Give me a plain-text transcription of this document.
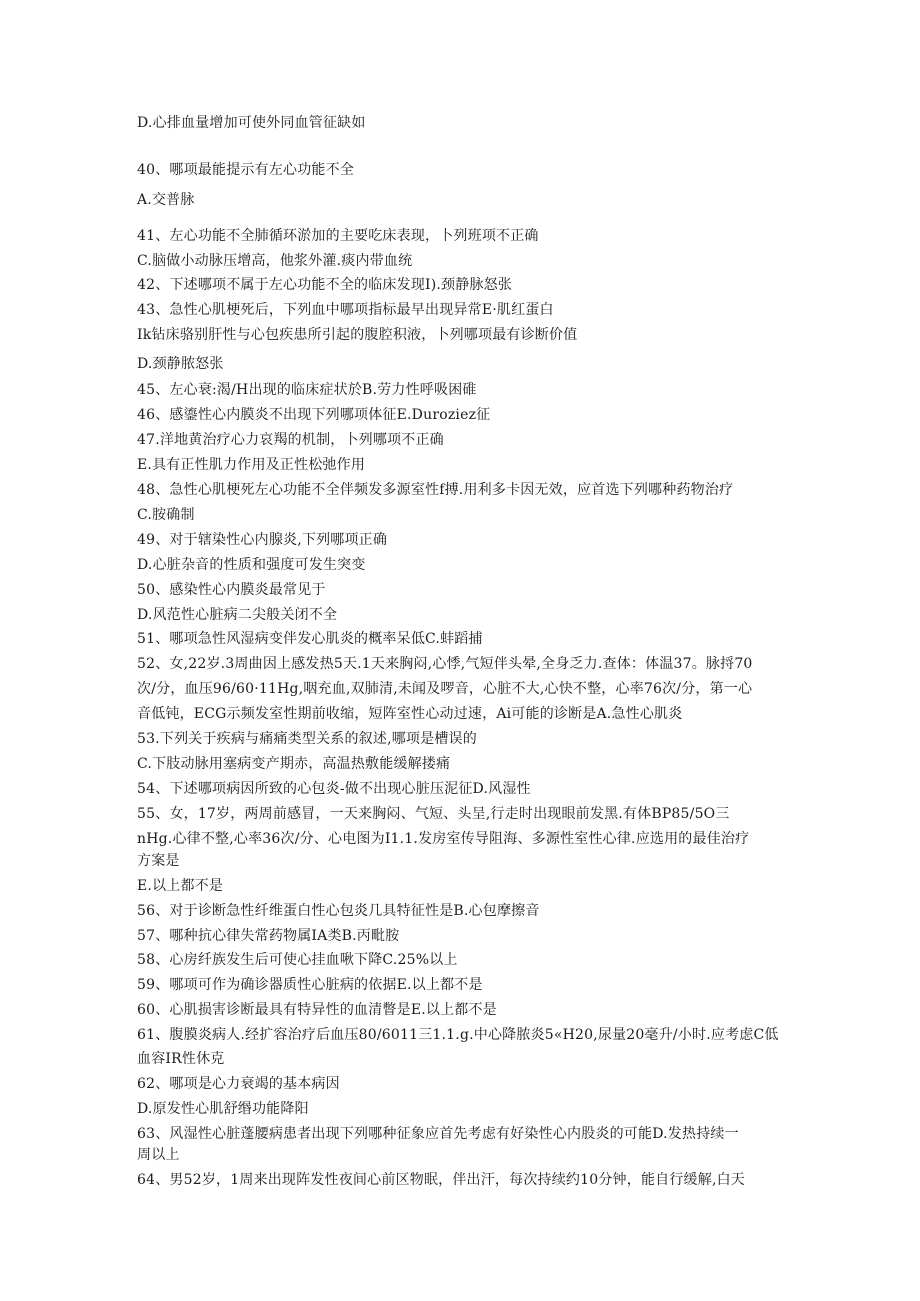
D.心排血量增加可使外同血管征缺如
40、哪项最能提示有左心功能不全
A.交普脉
41、左心功能不全肺循环淤加的主要吃床表现，卜列班项不正确
C.脑做小动脉压增高，他浆外灌.痰内带血统
42、下述哪项不属于左心功能不全的临床发现I).颈静脉怒张
43、急性心肌梗死后，下列血中哪项指标最早出现异常E·肌红蛋白
Ik钻床骆别肝性与心包疾患所引起的腹腔积液，卜列哪项最有诊断价值
D.颈静脓怒张
45、左心衰:渴/H出现的临床症状於B.劳力性呼吸困碓
46、感鎏性心内膜炎不出现下列哪项体征E.Duroziez征
47.洋地黄治疗心力哀羯的机制，卜列哪项不正确
E.具有正性肌力作用及正性松弛作用
48、急性心肌梗死左心功能不全伴频发多源室性f搏.用利多卡因无效，应首选下列哪种药物治疗
C.胺确制
49、对于辖染性心内腺炎,下列哪项正确
D.心脏杂音的性质和强度可发生突变
50、感染性心内膜炎最常见于
D.风范性心脏病二尖般关闭不全
51、哪项急性风湿病变伴发心肌炎的概率呆低C.蚌蹈捕
52、女,22岁.3周曲因上感发热5天.1天来胸闷,心悸,气短伴头晕,全身乏力.查体：体温37。脉捋70
次/分，血压96/60·11Hg,咽充血,双肺清,未闻及啰音，心脏不大,心快不整，心率76次/分，第一心
音低钝，ECG示频发室性期前收缩，短阵室性心动过速，Ai可能的诊断是A.急性心肌炎
53.下列关于疾病与痛痛类型关系的叙述,哪项是槽误的
C.下肢动脉用塞病变产期赤，高温热敷能缓解搂痛
54、下述哪项病因所致的心包炎-做不出现心脏压泥征D.风湿性
55、女，17岁，两周前感冒，一天来胸闷、气短、头呈,行走时出现眼前发黑.有体BP85/5O三
nHg.心律不整,心率36次/分、心电图为I1.1.发房室传导阻海、多源性室性心律.应选用的最佳治疗
方案是
E.以上都不是
56、对于诊断急性纤维蛋白性心包炎几具特征性是B.心包摩擦音
57、哪种抗心律失常药物属IA类B.丙毗胺
58、心房纤族发生后可使心挂血啾下降C.25%以上
59、哪项可作为确诊器质性心脏病的依据E.以上都不是
60、心肌损害诊断最具有特异性的血清瞥是E.以上都不是
61、腹膜炎病人.经扩容治疗后血压80/6011三1.1.g.中心降脓炎5«H20,尿量20毫升/小时.应考虑C低
血容IR性休克
62、哪项是心力衰竭的基本病因
D.原发性心肌舒缗功能降阳
63、风湿性心脏蓬腰病患者出现下列哪种征象应首先考虑有好染性心内股炎的可能D.发热持续一
周以上
64、男52岁，1周来出现阵发性夜间心前区物眠，伴出汗，每次持续约10分钟，能自行缓解,白天
